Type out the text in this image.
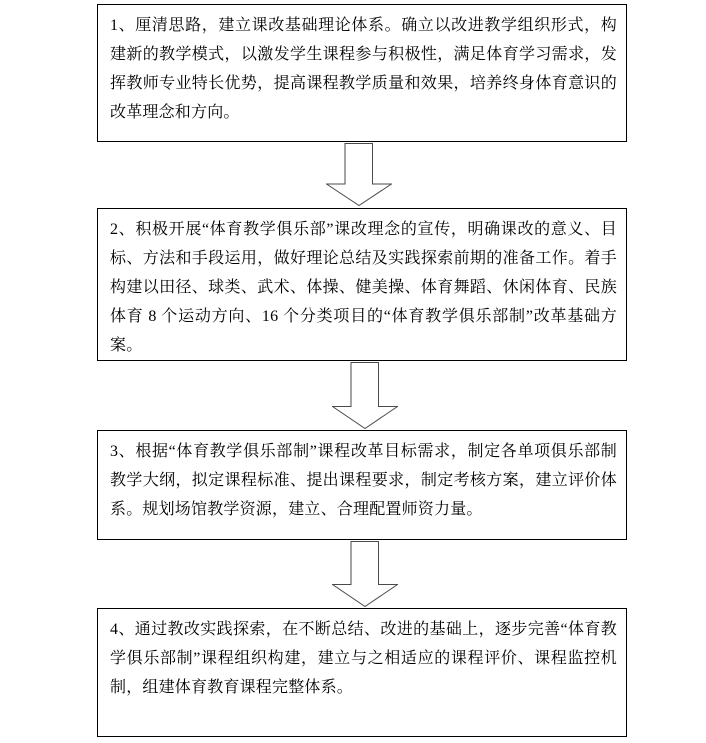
1、厘清思路，建立课改基础理论体系。确立以改进教学组织形式，构建新的教学模式，以激发学生课程参与积极性，满足体育学习需求，发挥教师专业特长优势，提高课程教学质量和效果，培养终身体育意识的改革理念和方向。
2、积极开展“体育教学俱乐部”课改理念的宣传，明确课改的意义、目标、方法和手段运用，做好理论总结及实践探索前期的准备工作。着手构建以田径、球类、武术、体操、健美操、体育舞蹈、休闲体育、民族体育 8 个运动方向、16 个分类项目的“体育教学俱乐部制”改革基础方案。
3、根据“体育教学俱乐部制”课程改革目标需求，制定各单项俱乐部制教学大纲，拟定课程标准、提出课程要求，制定考核方案，建立评价体系。规划场馆教学资源，建立、合理配置师资力量。
4、通过教改实践探索，在不断总结、改进的基础上，逐步完善“体育教学俱乐部制”课程组织构建，建立与之相适应的课程评价、课程监控机制，组建体育教育课程完整体系。
